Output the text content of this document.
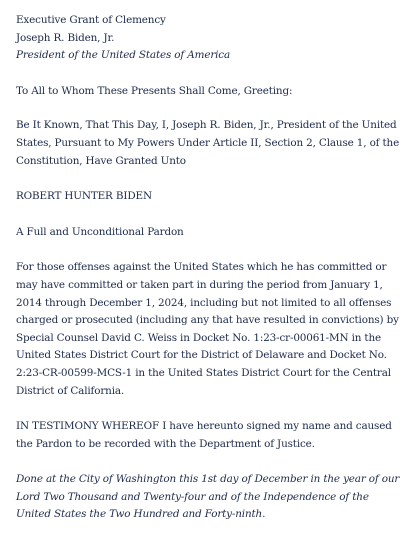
Executive Grant of Clemency
Joseph R. Biden, Jr.
President of the United States of America

To All to Whom These Presents Shall Come, Greeting:

Be It Known, That This Day, I, Joseph R. Biden, Jr., President of the United States, Pursuant to My Powers Under Article II, Section 2, Clause 1, of the Constitution, Have Granted Unto

ROBERT HUNTER BIDEN

A Full and Unconditional Pardon

For those offenses against the United States which he has committed or may have committed or taken part in during the period from January 1, 2014 through December 1, 2024, including but not limited to all offenses charged or prosecuted (including any that have resulted in convictions) by Special Counsel David C. Weiss in Docket No. 1:23-cr-00061-MN in the United States District Court for the District of Delaware and Docket No. 2:23-CR-00599-MCS-1 in the United States District Court for the Central District of California.

IN TESTIMONY WHEREOF I have hereunto signed my name and caused the Pardon to be recorded with the Department of Justice.

Done at the City of Washington this 1st day of December in the year of our Lord Two Thousand and Twenty-four and of the Independence of the United States the Two Hundred and Forty-ninth.
